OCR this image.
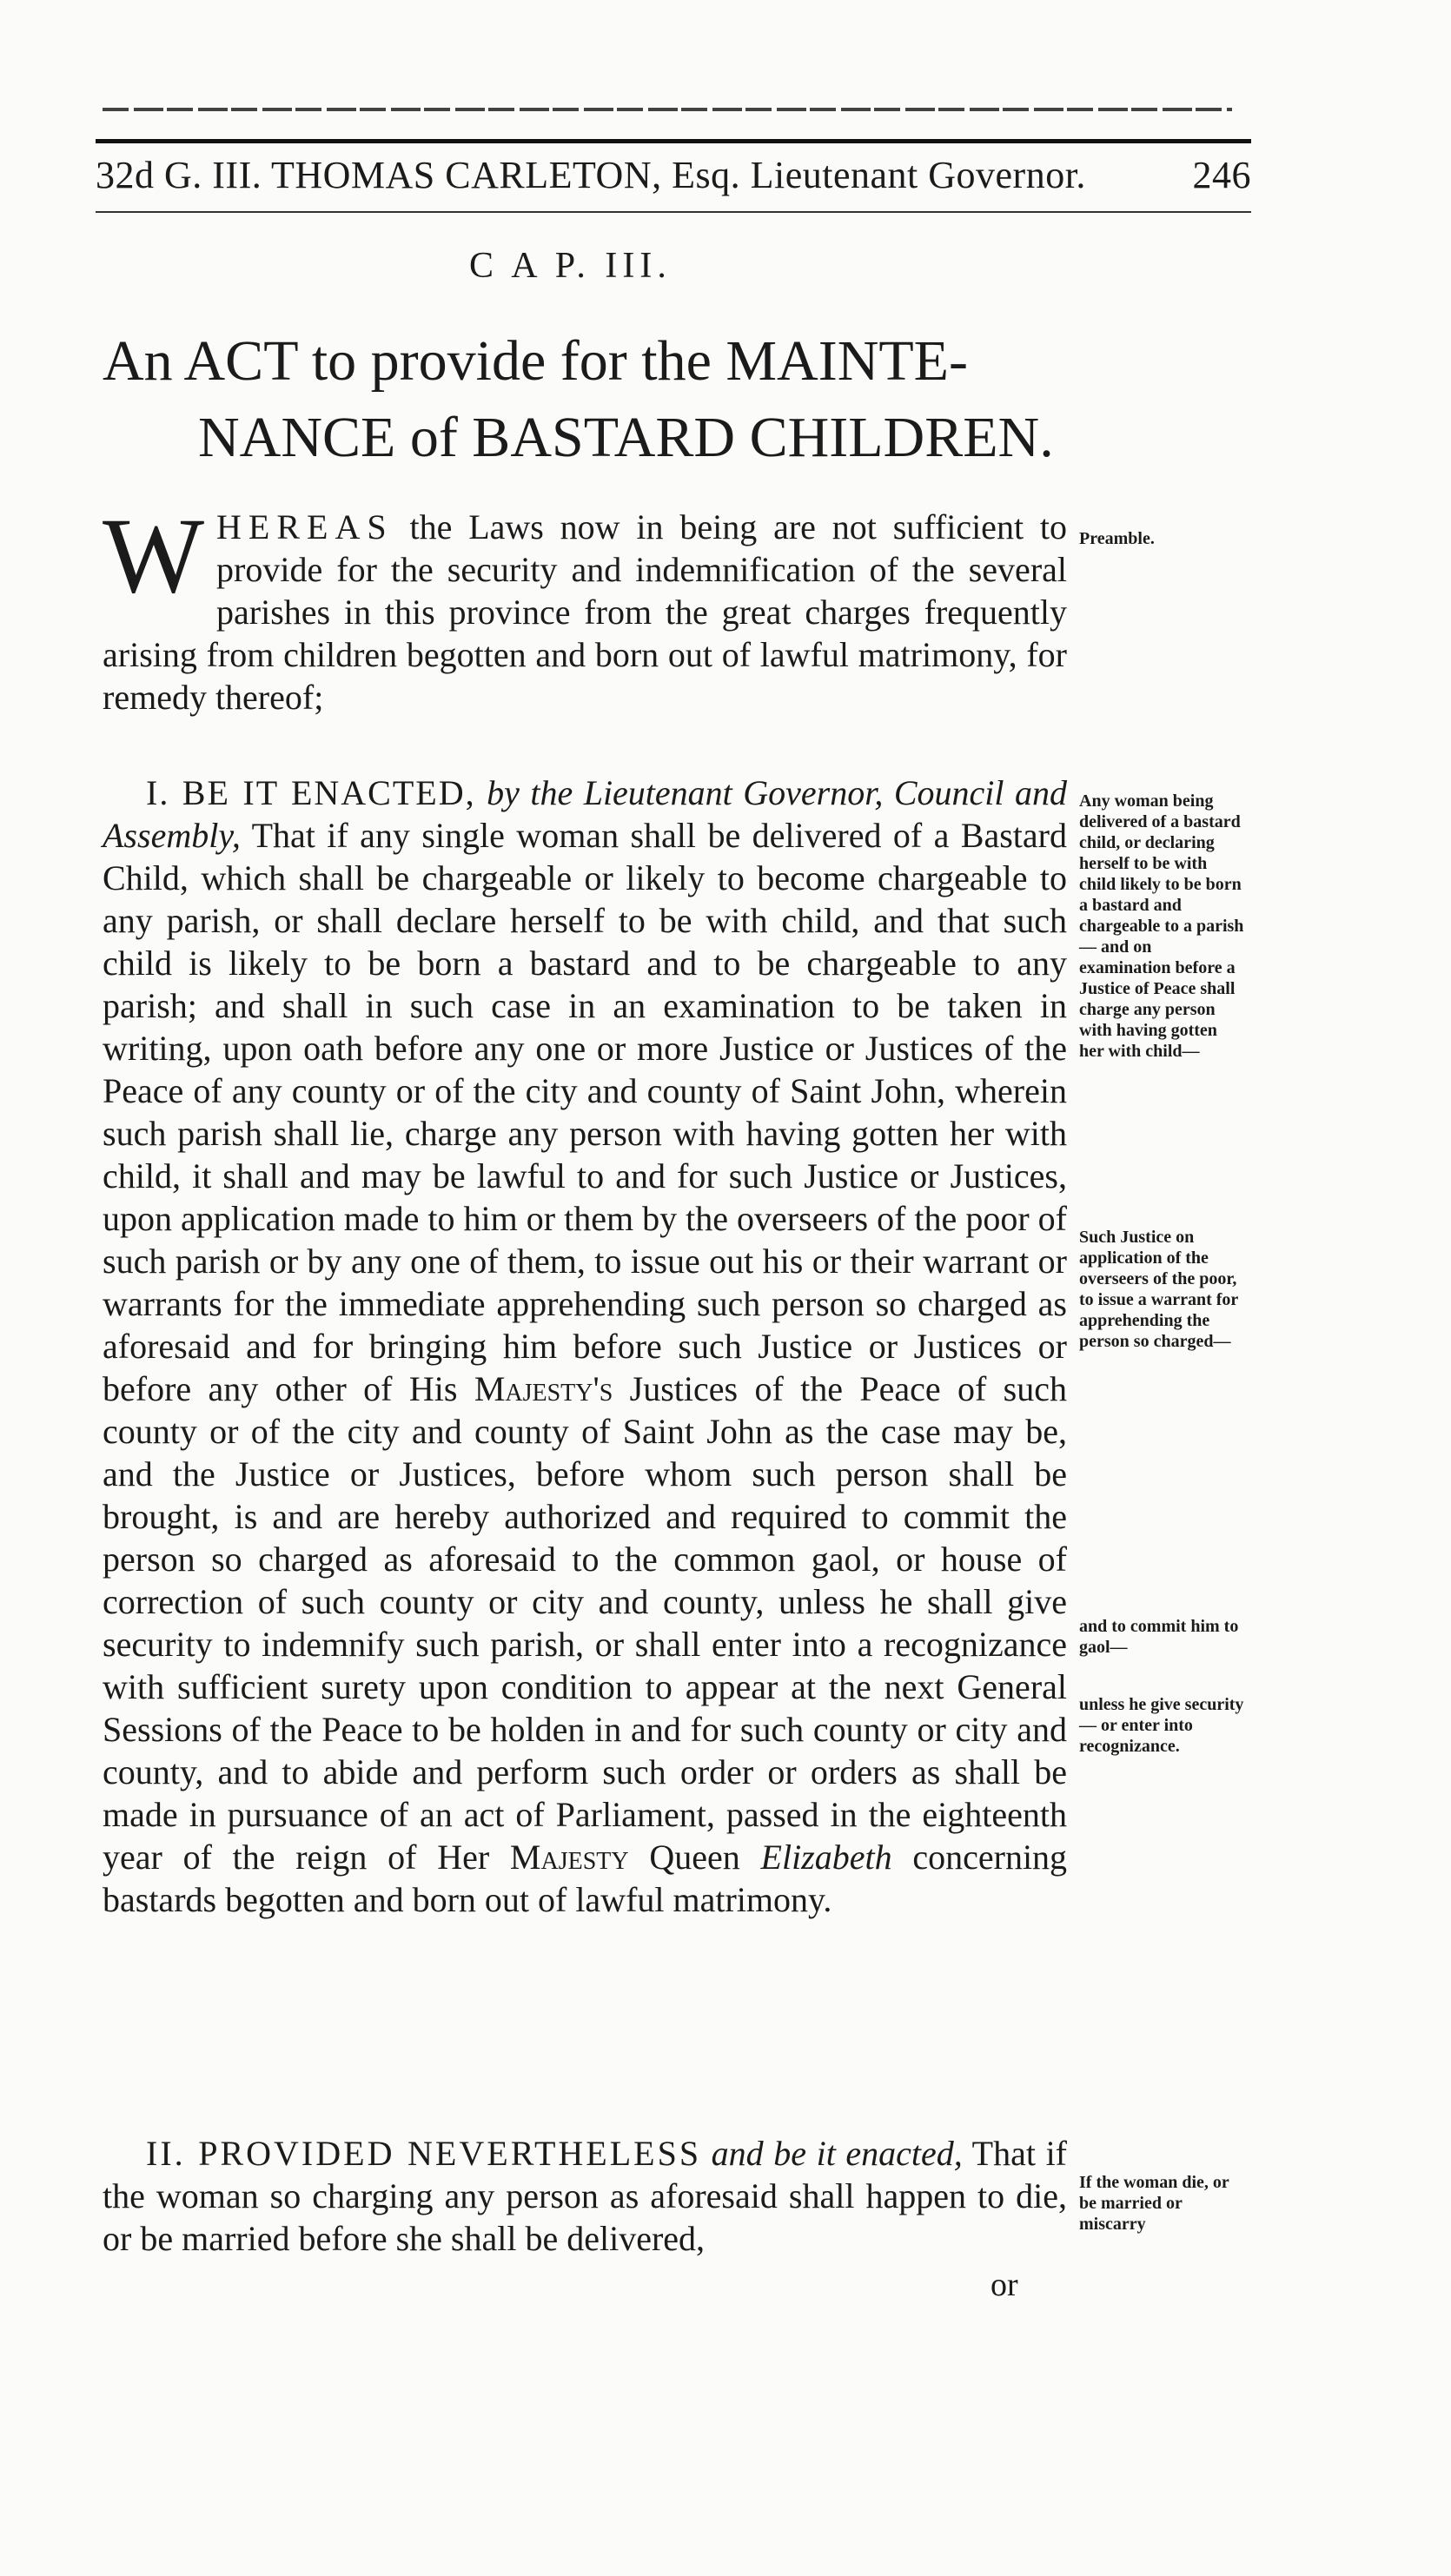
32d G. III. THOMAS CARLETON, Esq. Lieutenant Governor.	246
C A P. III.
An ACT to provide for the MAINTE-
NANCE of BASTARD CHILDREN.

WHEREAS the Laws now in being are not sufficient to provide for the security and indemnification of the several parishes in this province from the great charges frequently arising from children begotten and born out of lawful matrimony, for remedy thereof;

I. BE IT ENACTED, by the Lieutenant Governor, Council and Assembly, That if any single woman shall be delivered of a Bastard Child, which shall be chargeable or likely to become chargeable to any parish, or shall declare herself to be with child, and that such child is likely to be born a bastard and to be chargeable to any parish; and shall in such case in an examination to be taken in writing, upon oath before any one or more Justice or Justices of the Peace of any county or of the city and county of Saint John, wherein such parish shall lie, charge any person with having gotten her with child, it shall and may be lawful to and for such Justice or Justices, upon application made to him or them by the overseers of the poor of such parish or by any one of them, to issue out his or their warrant or warrants for the immediate apprehending such person so charged as aforesaid and for bringing him before such Justice or Justices or before any other of His Majesty's Justices of the Peace of such county or of the city and county of Saint John as the case may be, and the Justice or Justices, before whom such person shall be brought, is and are hereby authorized and required to commit the person so charged as aforesaid to the common gaol, or house of correction of such county or city and county, unless he shall give security to indemnify such parish, or shall enter into a recognizance with sufficient surety upon condition to appear at the next General Sessions of the Peace to be holden in and for such county or city and county, and to abide and perform such order or orders as shall be made in pursuance of an act of Parliament, passed in the eighteenth year of the reign of Her Majesty Queen Elizabeth concerning bastards begotten and born out of lawful matrimony.

II. PROVIDED NEVERTHELESS and be it enacted, That if the woman so charging any person as aforesaid shall happen to die, or be married before she shall be delivered,

or
Preamble.
Any woman being delivered of a bastard child, or declaring herself to be with child likely to be born a bastard and chargeable to a parish— and on examination before a Justice of Peace shall charge any person with having gotten her with child—
Such Justice on application of the overseers of the poor, to issue a warrant for apprehending the person so charged—
and to commit him to gaol—
unless he give security— or enter into recognizance.
If the woman die, or be married or miscarry
